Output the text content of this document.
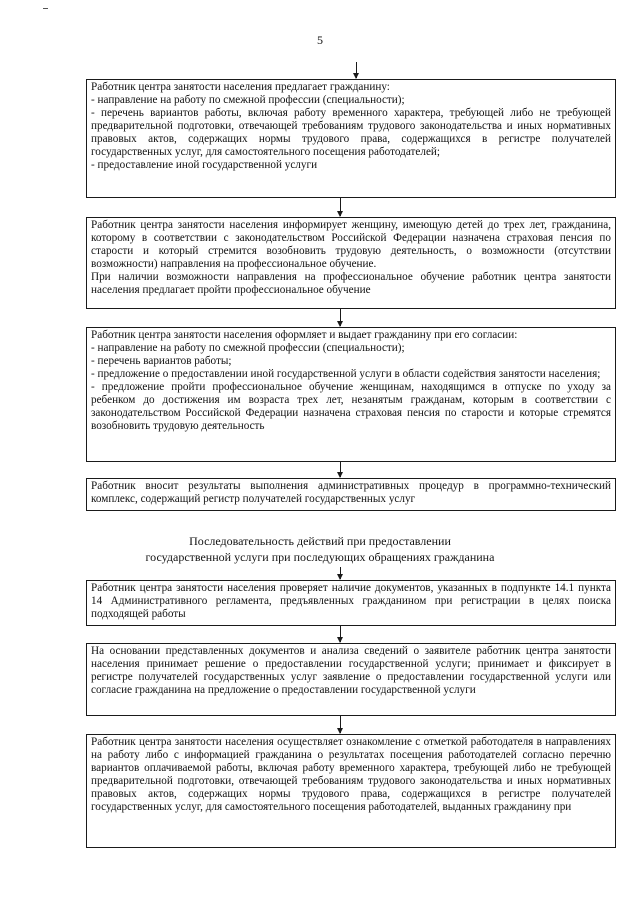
5

Работник центра занятости населения предлагает гражданину:

- направление на работу по смежной профессии (специальности);

- перечень вариантов работы, включая работу временного характера, требующей либо не требующей предварительной подготовки, отвечающей требованиям трудового законодательства и иных нормативных правовых актов, содержащих нормы трудового права, содержащихся в регистре получателей государственных услуг, для самостоятельного посещения работодателей;

- предоставление иной государственной услуги

Работник центра занятости населения информирует женщину, имеющую детей до трех лет, гражданина, которому в соответствии с законодательством Российской Федерации назначена страховая пенсия по старости и который стремится возобновить трудовую деятельность, о возможности (отсутствии возможности) направления на профессиональное обучение.

При наличии возможности направления на профессиональное обучение работник центра занятости населения предлагает пройти профессиональное обучение

Работник центра занятости населения оформляет и выдает гражданину при его согласии:

- направление на работу по смежной профессии (специальности);

- перечень вариантов работы;

- предложение о предоставлении иной государственной услуги в области содействия занятости населения;

- предложение пройти профессиональное обучение женщинам, находящимся в отпуске по уходу за ребенком до достижения им возраста трех лет, незанятым гражданам, которым в соответствии с законодательством Российской Федерации назначена страховая пенсия по старости и которые стремятся возобновить трудовую деятельность

Работник вносит результаты выполнения административных процедур в программно-технический комплекс, содержащий регистр получателей государственных услуг

Последовательность действий при предоставлении
государственной услуги при последующих обращениях гражданина

Работник центра занятости населения проверяет наличие документов, указанных в подпункте 14.1 пункта 14 Административного регламента, предъявленных гражданином при регистрации в целях поиска подходящей работы

На основании представленных документов и анализа сведений о заявителе работник центра занятости населения принимает решение о предоставлении государственной услуги; принимает и фиксирует в регистре получателей государственных услуг заявление о предоставлении государственной услуги или согласие гражданина на предложение о предоставлении государственной услуги

Работник центра занятости населения осуществляет ознакомление с отметкой работодателя в направлениях на работу либо с информацией гражданина о результатах посещения работодателей согласно перечню вариантов оплачиваемой работы, включая работу временного характера, требующей либо не требующей предварительной подготовки, отвечающей требованиям трудового законодательства и иных нормативных правовых актов, содержащих нормы трудового права, содержащихся в регистре получателей государственных услуг, для самостоятельного посещения работодателей, выданных гражданину при
